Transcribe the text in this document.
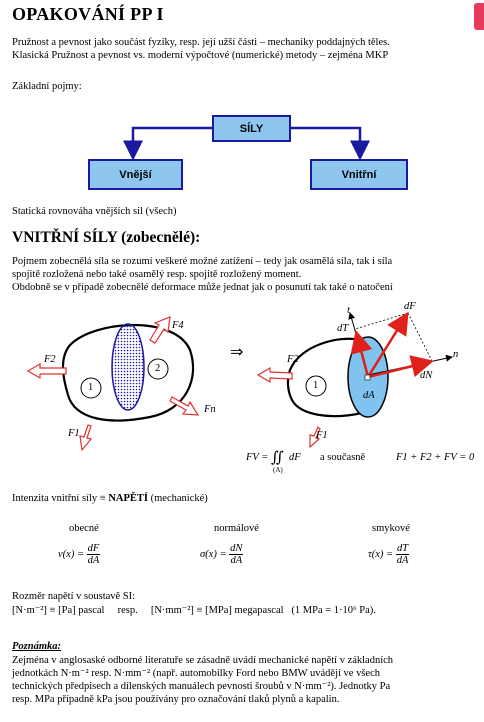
OPAKOVÁNÍ PP I
Pružnost a pevnost jako součást fyziky, resp. její užší části – mechaniky poddajných těles.
Klasická Pružnost a pevnost vs. moderní výpočtové (numerické) metody – zejména MKP
Základní pojmy:
SÍLY
Vnější	Vnitřní
Statická rovnováha vnějších sil (všech)
VNITŘNÍ SÍLY (zobecnělé):
Pojmem zobecnělá síla se rozumí veškeré možné zatížení – tedy jak osamělá síla, tak i síla
spojitě rozložená nebo také osamělý resp. spojitě rozložený moment.
Obdobně se v případě zobecnělé deformace může jednat jak o posunutí tak také o natočení
⇒
F4
F2
F1
Fn
1
2
F2
F1
1
t
dT
dF
n
dN
dA
FV = ∬
(A)
dF a současně	F1 + F2 + FV = 0
Intenzita vnitřní síly ≡ NAPĚTÍ (mechanické)
obecné	normálové	smykové
$\nu(x) = \frac{dF}{dA}$	$\sigma(x) = \frac{dN}{dA}$	$\tau(x) = \frac{dT}{dA}$
Rozměr napětí v soustavě SI:
[N·m⁻²] ≡ [Pa] pascal     resp.     [N·mm⁻²] ≡ [MPa] megapascal   (1 MPa = 1·10⁶ Pa).
Poznámka:
Zejména v anglosaské odborné literatuře se zásadně uvádí mechanické napětí v základních
jednotkách N·m⁻² resp. N·mm⁻² (např. automobilky Ford nebo BMW uvádějí ve všech
technických předpisech a dílenských manuálech pevnosti šroubů v N·mm⁻²). Jednotky Pa
resp. MPa případně kPa jsou používány pro označování tlaků plynů a kapalin.
